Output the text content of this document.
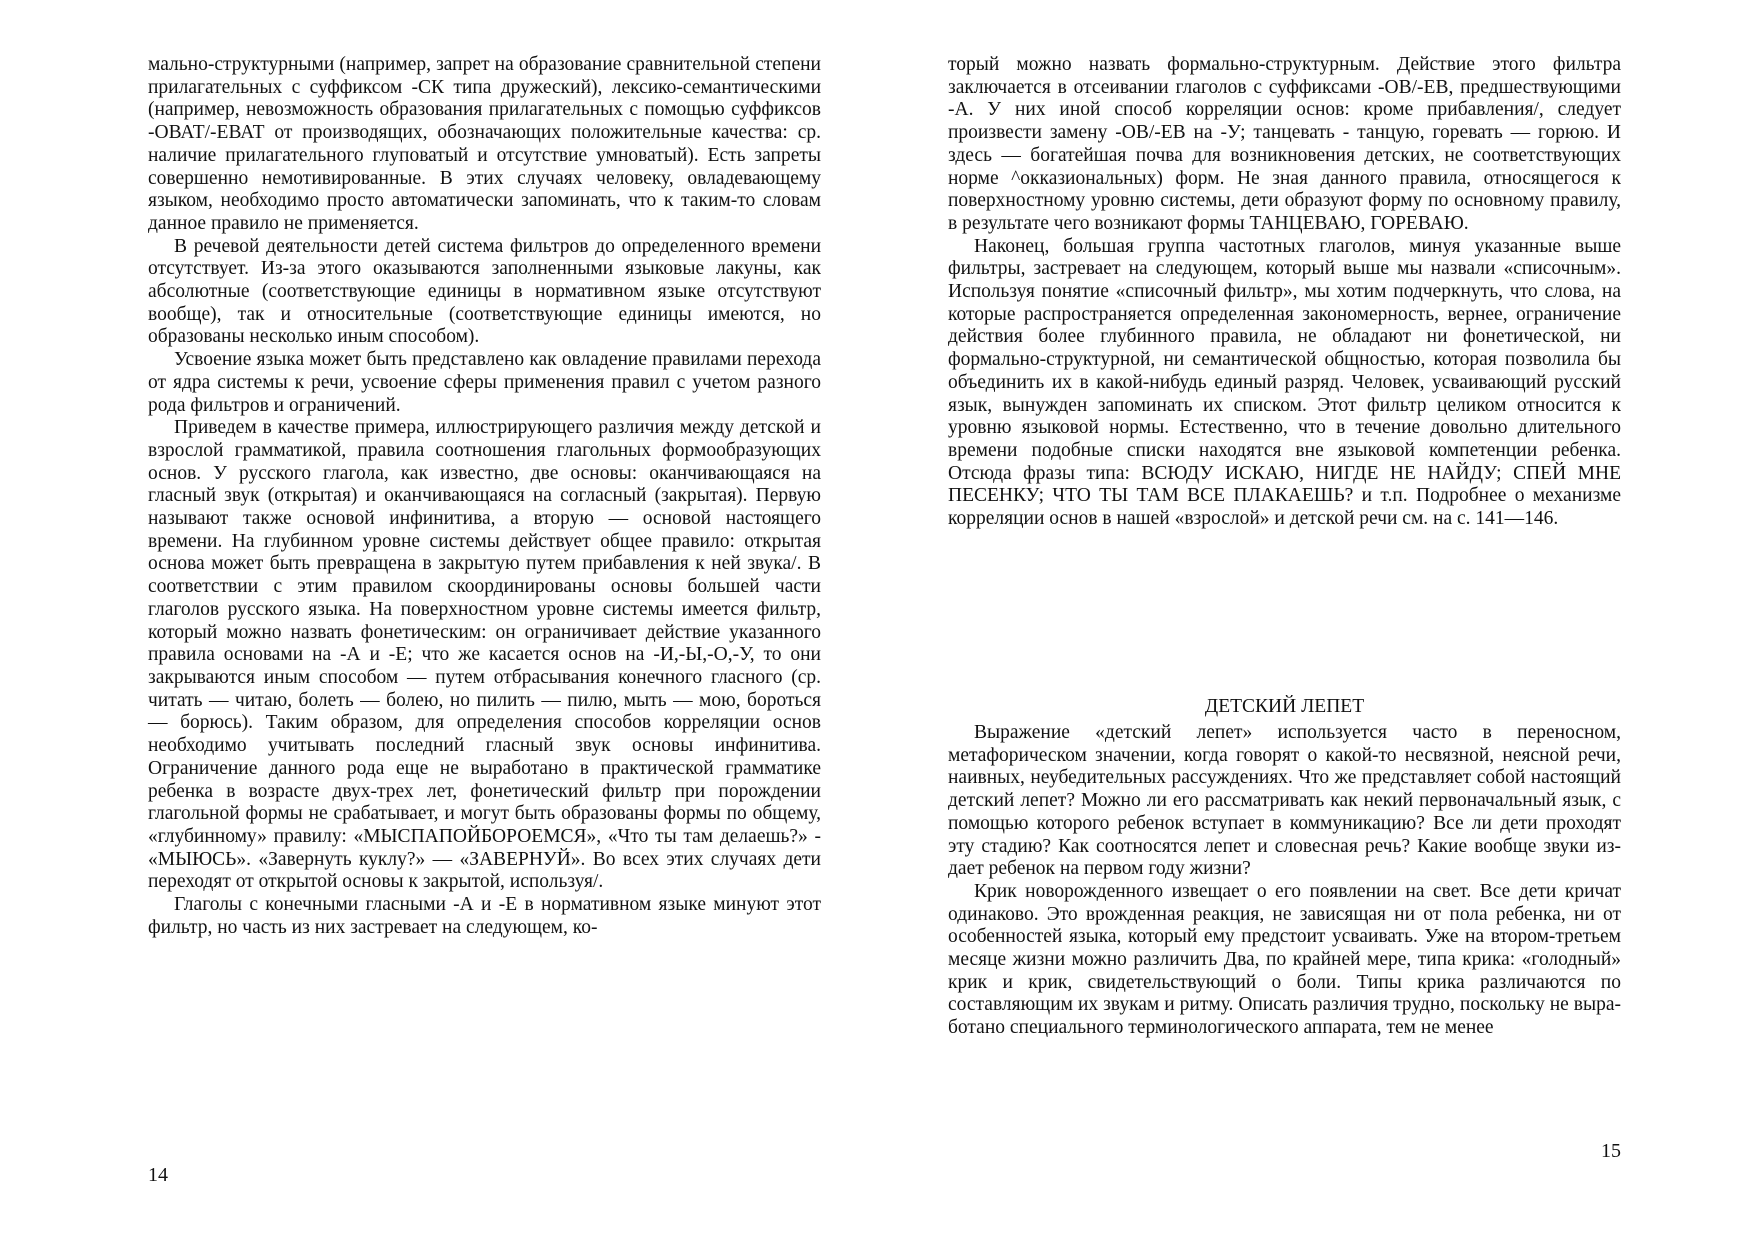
мально-структурными (например, запрет на образование сравнительной степени прилагательных с суффиксом -СК типа дружеский), лексико-семантическими (например, невозможность образования прилагательных с помощью суффиксов -ОВАТ/-ЕВАТ от производящих, обозначающих положительные качества: ср. наличие прилагательного глуповатый и отсутствие умноватый). Есть запреты совершенно немотивированные. В этих случаях человеку, овладевающему языком, необходимо просто автоматически запоминать, что к таким-то словам данное правило не применяется.

В речевой деятельности детей система фильтров до определенного времени отсутствует. Из-за этого оказываются заполненными языковые лакуны, как абсолютные (соответствующие единицы в нормативном языке отсутствуют вообще), так и относительные (соответствующие единицы имеются, но образованы несколько иным способом).

Усвоение языка может быть представлено как овладение правилами перехода от ядра системы к речи, усвоение сферы применения правил с учетом разного рода фильтров и ограничений.

Приведем в качестве примера, иллюстрирующего различия между детской и взрослой грамматикой, правила соотношения глагольных формообразующих основ. У русского глагола, как известно, две основы: оканчивающаяся на гласный звук (открытая) и оканчивающаяся на согласный (закрытая). Первую называют также основой инфинитива, а вторую — основой настоящего времени. На глубинном уровне системы действует общее правило: открытая основа может быть превращена в закрытую путем прибавления к ней звука/. В соответствии с этим правилом скоординированы основы большей части глаголов русского языка. На поверхностном уровне системы имеется фильтр, который можно назвать фонетическим: он ограничивает действие указанного правила основами на -А и -Е; что же касается основ на -И,-Ы,-О,-У, то они закрываются иным способом — путем отбрасывания конечного гласного (ср. читать — читаю, болеть — болею, но пилить — пилю, мыть — мою, бороться — борюсь). Таким образом, для определения способов корреляции основ необходимо учитывать последний гласный звук основы инфинитива. Ограничение данного рода еще не выработано в практической грамматике ребенка в возрасте двух-трех лет, фонетический фильтр при порождении глагольной формы не срабатывает, и могут быть образованы формы по общему, «глубинному» правилу: «МЫСПАПОЙБОРОЕМСЯ», «Что ты там делаешь?» - «МЫЮСЬ». «Завернуть куклу?» — «ЗАВЕРНУЙ». Во всех этих случаях дети переходят от открытой основы к закрытой, используя/.

Глаголы с конечными гласными -А и -Е в нормативном языке минуют этот фильтр, но часть из них застревает на следующем, ко-

14

торый можно назвать формально-структурным. Действие этого фильтра заключается в отсеивании глаголов с суффиксами -ОВ/-ЕВ, предшествующими -А. У них иной способ корреляции основ: кроме прибавления/, следует произвести замену -ОВ/-ЕВ на -У; танцевать - танцую, горевать — горюю. И здесь — богатейшая почва для возникновения детских, не соответствующих норме ^окказиональных) форм. Не зная данного правила, относящегося к поверхностному уровню системы, дети образуют форму по основному правилу, в результате чего возникают формы ТАНЦЕВАЮ, ГОРЕВАЮ.

Наконец, большая группа частотных глаголов, минуя указанные выше фильтры, застревает на следующем, который выше мы назвали «списочным». Используя понятие «списочный фильтр», мы хотим подчеркнуть, что слова, на которые распространяется определенная закономерность, вернее, ограничение действия более глубинного правила, не обладают ни фонетической, ни формально-структурной, ни семантической общностью, которая позволила бы объединить их в какой-нибудь единый разряд. Человек, усваивающий русский язык, вынужден запоминать их списком. Этот фильтр целиком относится к уровню языковой нормы. Естественно, что в течение довольно длительного времени подобные списки находятся вне языковой компетенции ребенка. Отсюда фразы типа: ВСЮДУ ИСКАЮ, НИГДЕ НЕ НАЙДУ; СПЕЙ МНЕ ПЕСЕНКУ; ЧТО ТЫ ТАМ ВСЕ ПЛАКАЕШЬ? и т.п. Подробнее о механизме корреляции основ в нашей «взрослой» и детской речи см. на с. 141—146.

ДЕТСКИЙ ЛЕПЕТ

Выражение «детский лепет» используется часто в переносном, метафорическом значении, когда говорят о какой-то несвязной, неясной речи, наивных, неубедительных рассуждениях. Что же представляет собой настоящий детский лепет? Можно ли его рассматривать как некий первоначальный язык, с помощью которого ребенок вступает в коммуникацию? Все ли дети проходят эту стадию? Как соотносятся лепет и словесная речь? Какие вообще звуки издает ребенок на первом году жизни?

Крик новорожденного извещает о его появлении на свет. Все дети кричат одинаково. Это врожденная реакция, не зависящая ни от пола ребенка, ни от особенностей языка, который ему предстоит усваивать. Уже на втором-третьем месяце жизни можно различить Два, по крайней мере, типа крика: «голодный» крик и крик, свидетельствующий о боли. Типы крика различаются по составляющим их звукам и ритму. Описать различия трудно, поскольку не выработано специального терминологического аппарата, тем не менее

15
